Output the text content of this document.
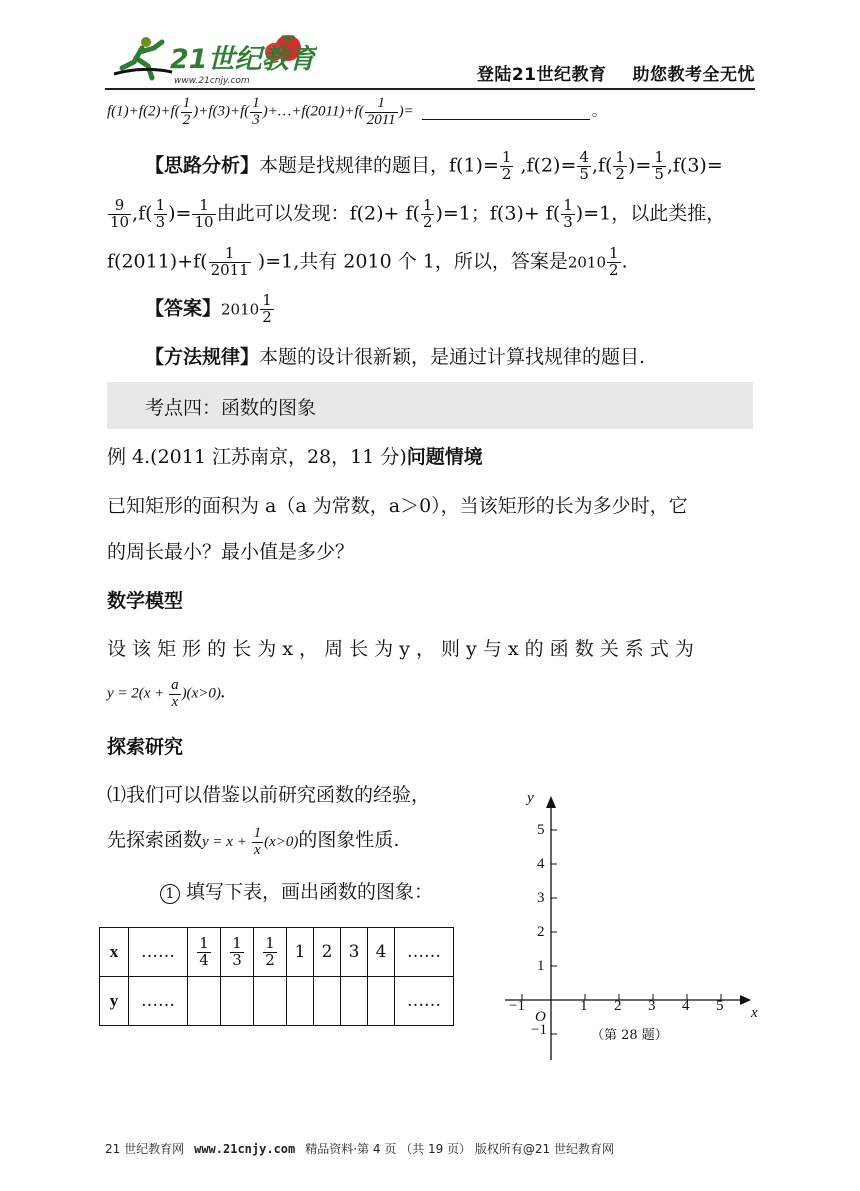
21世纪教育
www.21cnjy.com	登陆21世纪教育 助您教考全无忧
$f(1)+f(2)+f( \frac{1}{2} )+f(3)+f( \frac{1}{3}$ )+…+f(2011)+f( $\frac{1}{2011}$ )=	。
【思路分析】本题是找规律的题目，$f(1)= \frac{1}{2} ,f(2)= \frac{4}{5} ,f( \frac{1}{2}$ )= $\frac{1}{5} ,f(3)=$
$\frac{9}{10} ,f( \frac{1}{3}$ )= $\frac{1}{10}$ 由此可以发现：$f(2)+ f( \frac{1}{2} )=1$；$f(3)+ f( \frac{1}{3} )=1$，以此类推，
$f(2011)+f( \frac{1}{2011} )=1$,共有 2010 个 1，所以，答案是$2010 \frac{1}{2}$ .
【答案】$2010 \frac{1}{2}$
【方法规律】本题的设计很新颖，是通过计算找规律的题目.
考点四：函数的图象
例 4.(2011 江苏南京，28，11 分)问题情境
已知矩形的面积为 a（a 为常数，a＞0），当该矩形的长为多少时，它
的周长最小？最小值是多少？
数学模型
设 该 矩 形 的 长 为 x ， 周 长 为 y ， 则 y 与 x 的 函 数 关 系 式 为
$y = 2(x + \frac{a}{x} )(x>0)$.
探索研究
⑴我们可以借鉴以前研究函数的经验，
先探索函数$y = x + \frac{1}{x} (x>0)$的图象性质.
1 填写下表，画出函数的图象：
x	……	$\frac{1}{4}$	$\frac{1}{3}$	$\frac{1}{2}$	1	2	3	4	……
y	……								……
y
x
O
−1	1 2 3 4 5
1
2
3
4
5
−1	（第 28 题）
21 世纪教育网 www.21cnjy.com 精品资料·第 4 页 （共 19 页） 版权所有@21 世纪教育网
